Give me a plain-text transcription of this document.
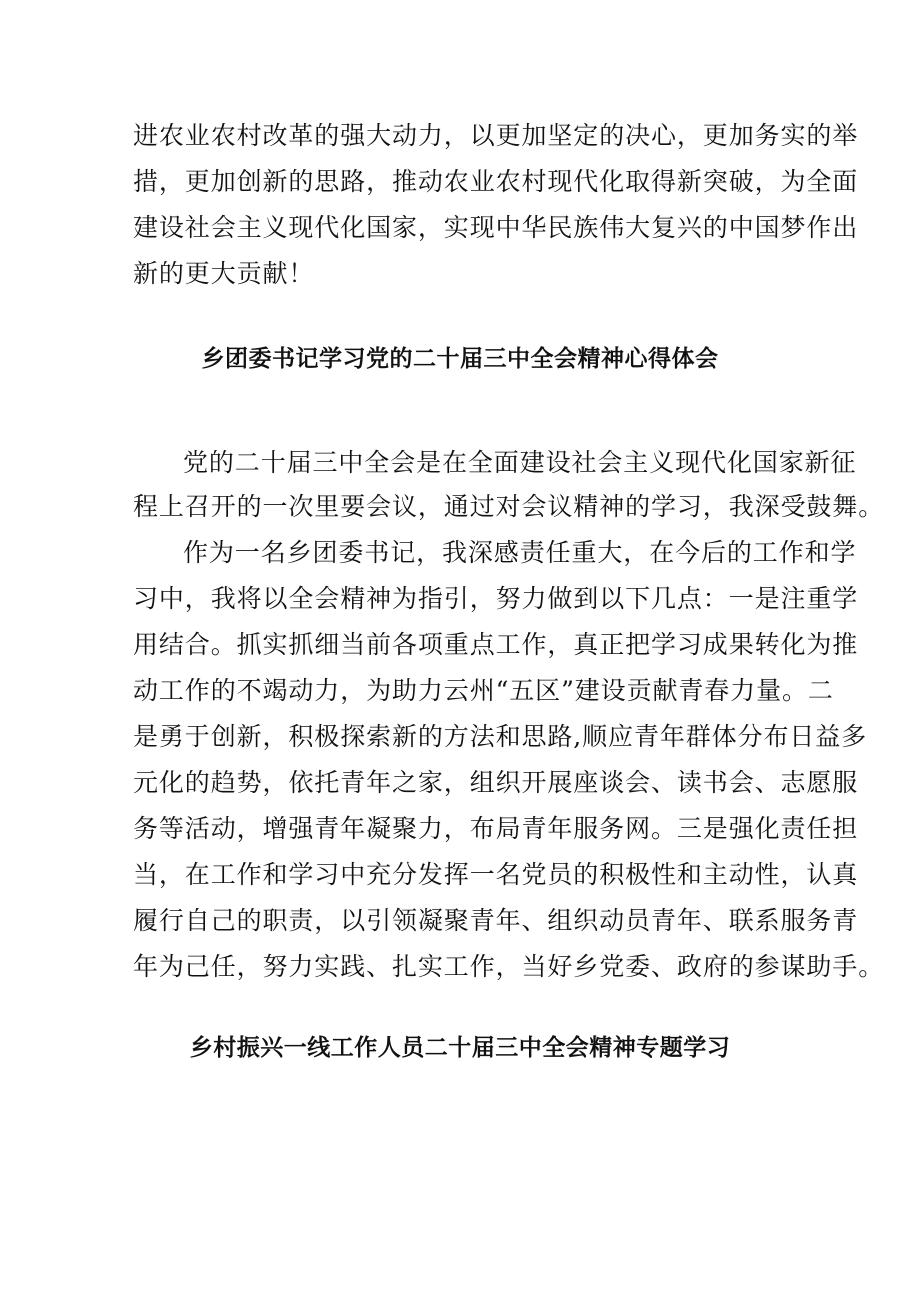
进农业农村改革的强大动力，以更加坚定的决心，更加务实的举
措，更加创新的思路，推动农业农村现代化取得新突破，为全面
建设社会主义现代化国家，实现中华民族伟大复兴的中国梦作出
新的更大贡献！
乡团委书记学习党的二十届三中全会精神心得体会
党的二十届三中全会是在全面建设社会主义现代化国家新征
程上召开的一次里要会议，通过对会议精神的学习，我深受鼓舞。
作为一名乡团委书记，我深感责任重大，在今后的工作和学
习中，我将以全会精神为指引，努力做到以下几点：一是注重学
用结合。抓实抓细当前各项重点工作，真正把学习成果转化为推
动工作的不竭动力，为助力云州“五区”建设贡献青春力量。二
是勇于创新，积极探索新的方法和思路,顺应青年群体分布日益多
元化的趋势，依托青年之家，组织开展座谈会、读书会、志愿服
务等活动，增强青年凝聚力，布局青年服务网。三是强化责任担
当，在工作和学习中充分发挥一名党员的积极性和主动性，认真
履行自己的职责，以引领凝聚青年、组织动员青年、联系服务青
年为己任，努力实践、扎实工作，当好乡党委、政府的参谋助手。
乡村振兴一线工作人员二十届三中全会精神专题学习
